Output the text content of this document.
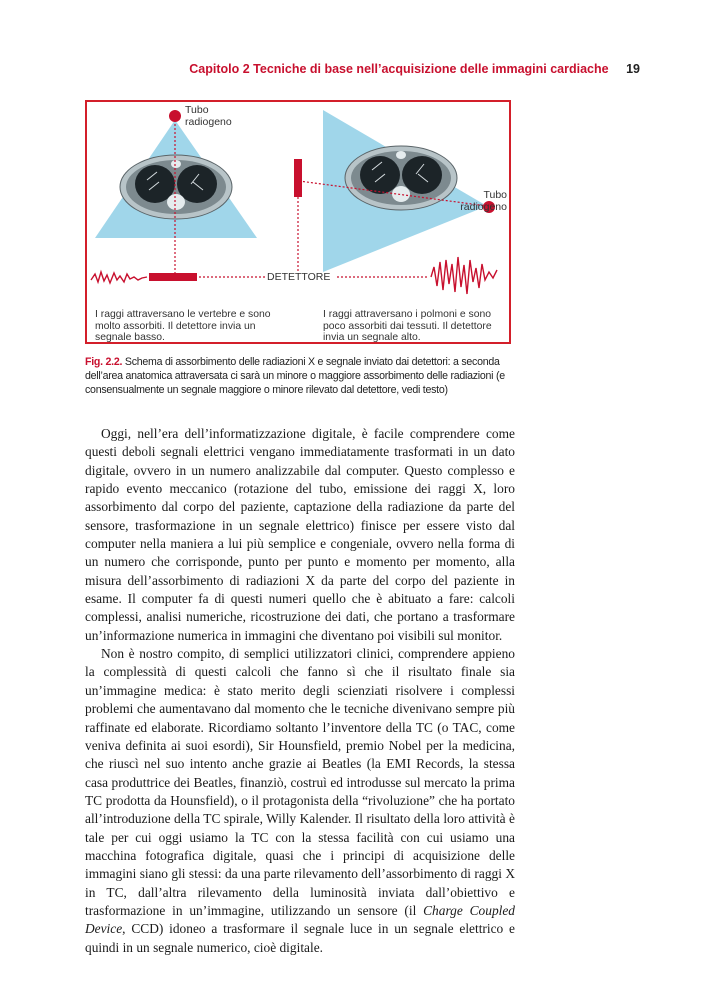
Capitolo 2 Tecniche di base nell’acquisizione delle immagini cardiache 19
Tubo radiogeno
Tubo radiogeno
DETETTORE
I raggi attraversano le vertebre e sono molto assorbiti. Il detettore invia un segnale basso.
I raggi attraversano i polmoni e sono poco assorbiti dai tessuti. Il detettore invia un segnale alto.
Fig. 2.2. Schema di assorbimento delle radiazioni X e segnale inviato dai detettori: a seconda dell’area anatomica attraversata ci sarà un minore o maggiore assorbimento delle radiazioni (e consensualmente un segnale maggiore o minore rilevato dal detettore, vedi testo)

Oggi, nell’era dell’informatizzazione digitale, è facile comprendere come questi deboli segnali elettrici vengano immediatamente trasformati in un dato digitale, ovvero in un numero analizzabile dal computer. Questo complesso e rapido evento meccanico (rotazione del tubo, emissione dei raggi X, loro assorbimento dal corpo del paziente, captazione della radiazione da parte del sensore, trasformazione in un segnale elettrico) finisce per essere visto dal computer nella maniera a lui più semplice e congeniale, ovvero nella forma di un numero che corrisponde, punto per punto e momento per momento, alla misura dell’assorbimento di radiazioni X da parte del corpo del paziente in esame. Il computer fa di questi numeri quello che è abituato a fare: calcoli complessi, analisi numeriche, ricostruzione dei dati, che portano a trasformare un’informazione numerica in immagini che diventano poi visibili sul monitor.

Non è nostro compito, di semplici utilizzatori clinici, comprendere appieno la complessità di questi calcoli che fanno sì che il risultato finale sia un’immagine medica: è stato merito degli scienziati risolvere i complessi problemi che aumentavano dal momento che le tecniche divenivano sempre più raffinate ed elaborate. Ricordiamo soltanto l’inventore della TC (o TAC, come veniva definita ai suoi esordi), Sir Hounsfield, premio Nobel per la medicina, che riuscì nel suo intento anche grazie ai Beatles (la EMI Records, la stessa casa produttrice dei Beatles, finanziò, costruì ed introdusse sul mercato la prima TC prodotta da Hounsfield), o il protagonista della “rivoluzione” che ha portato all’introduzione della TC spirale, Willy Kalender. Il risultato della loro attività è tale per cui oggi usiamo la TC con la stessa facilità con cui usiamo una macchina fotografica digitale, quasi che i principi di acquisizione delle immagini siano gli stessi: da una parte rilevamento dell’assorbimento di raggi X in TC, dall’altra rilevamento della luminosità inviata dall’obiettivo e trasformazione in un’immagine, utilizzando un sensore (il Charge Coupled Device, CCD) idoneo a trasformare il segnale luce in un segnale elettrico e quindi in un segnale numerico, cioè digitale.
